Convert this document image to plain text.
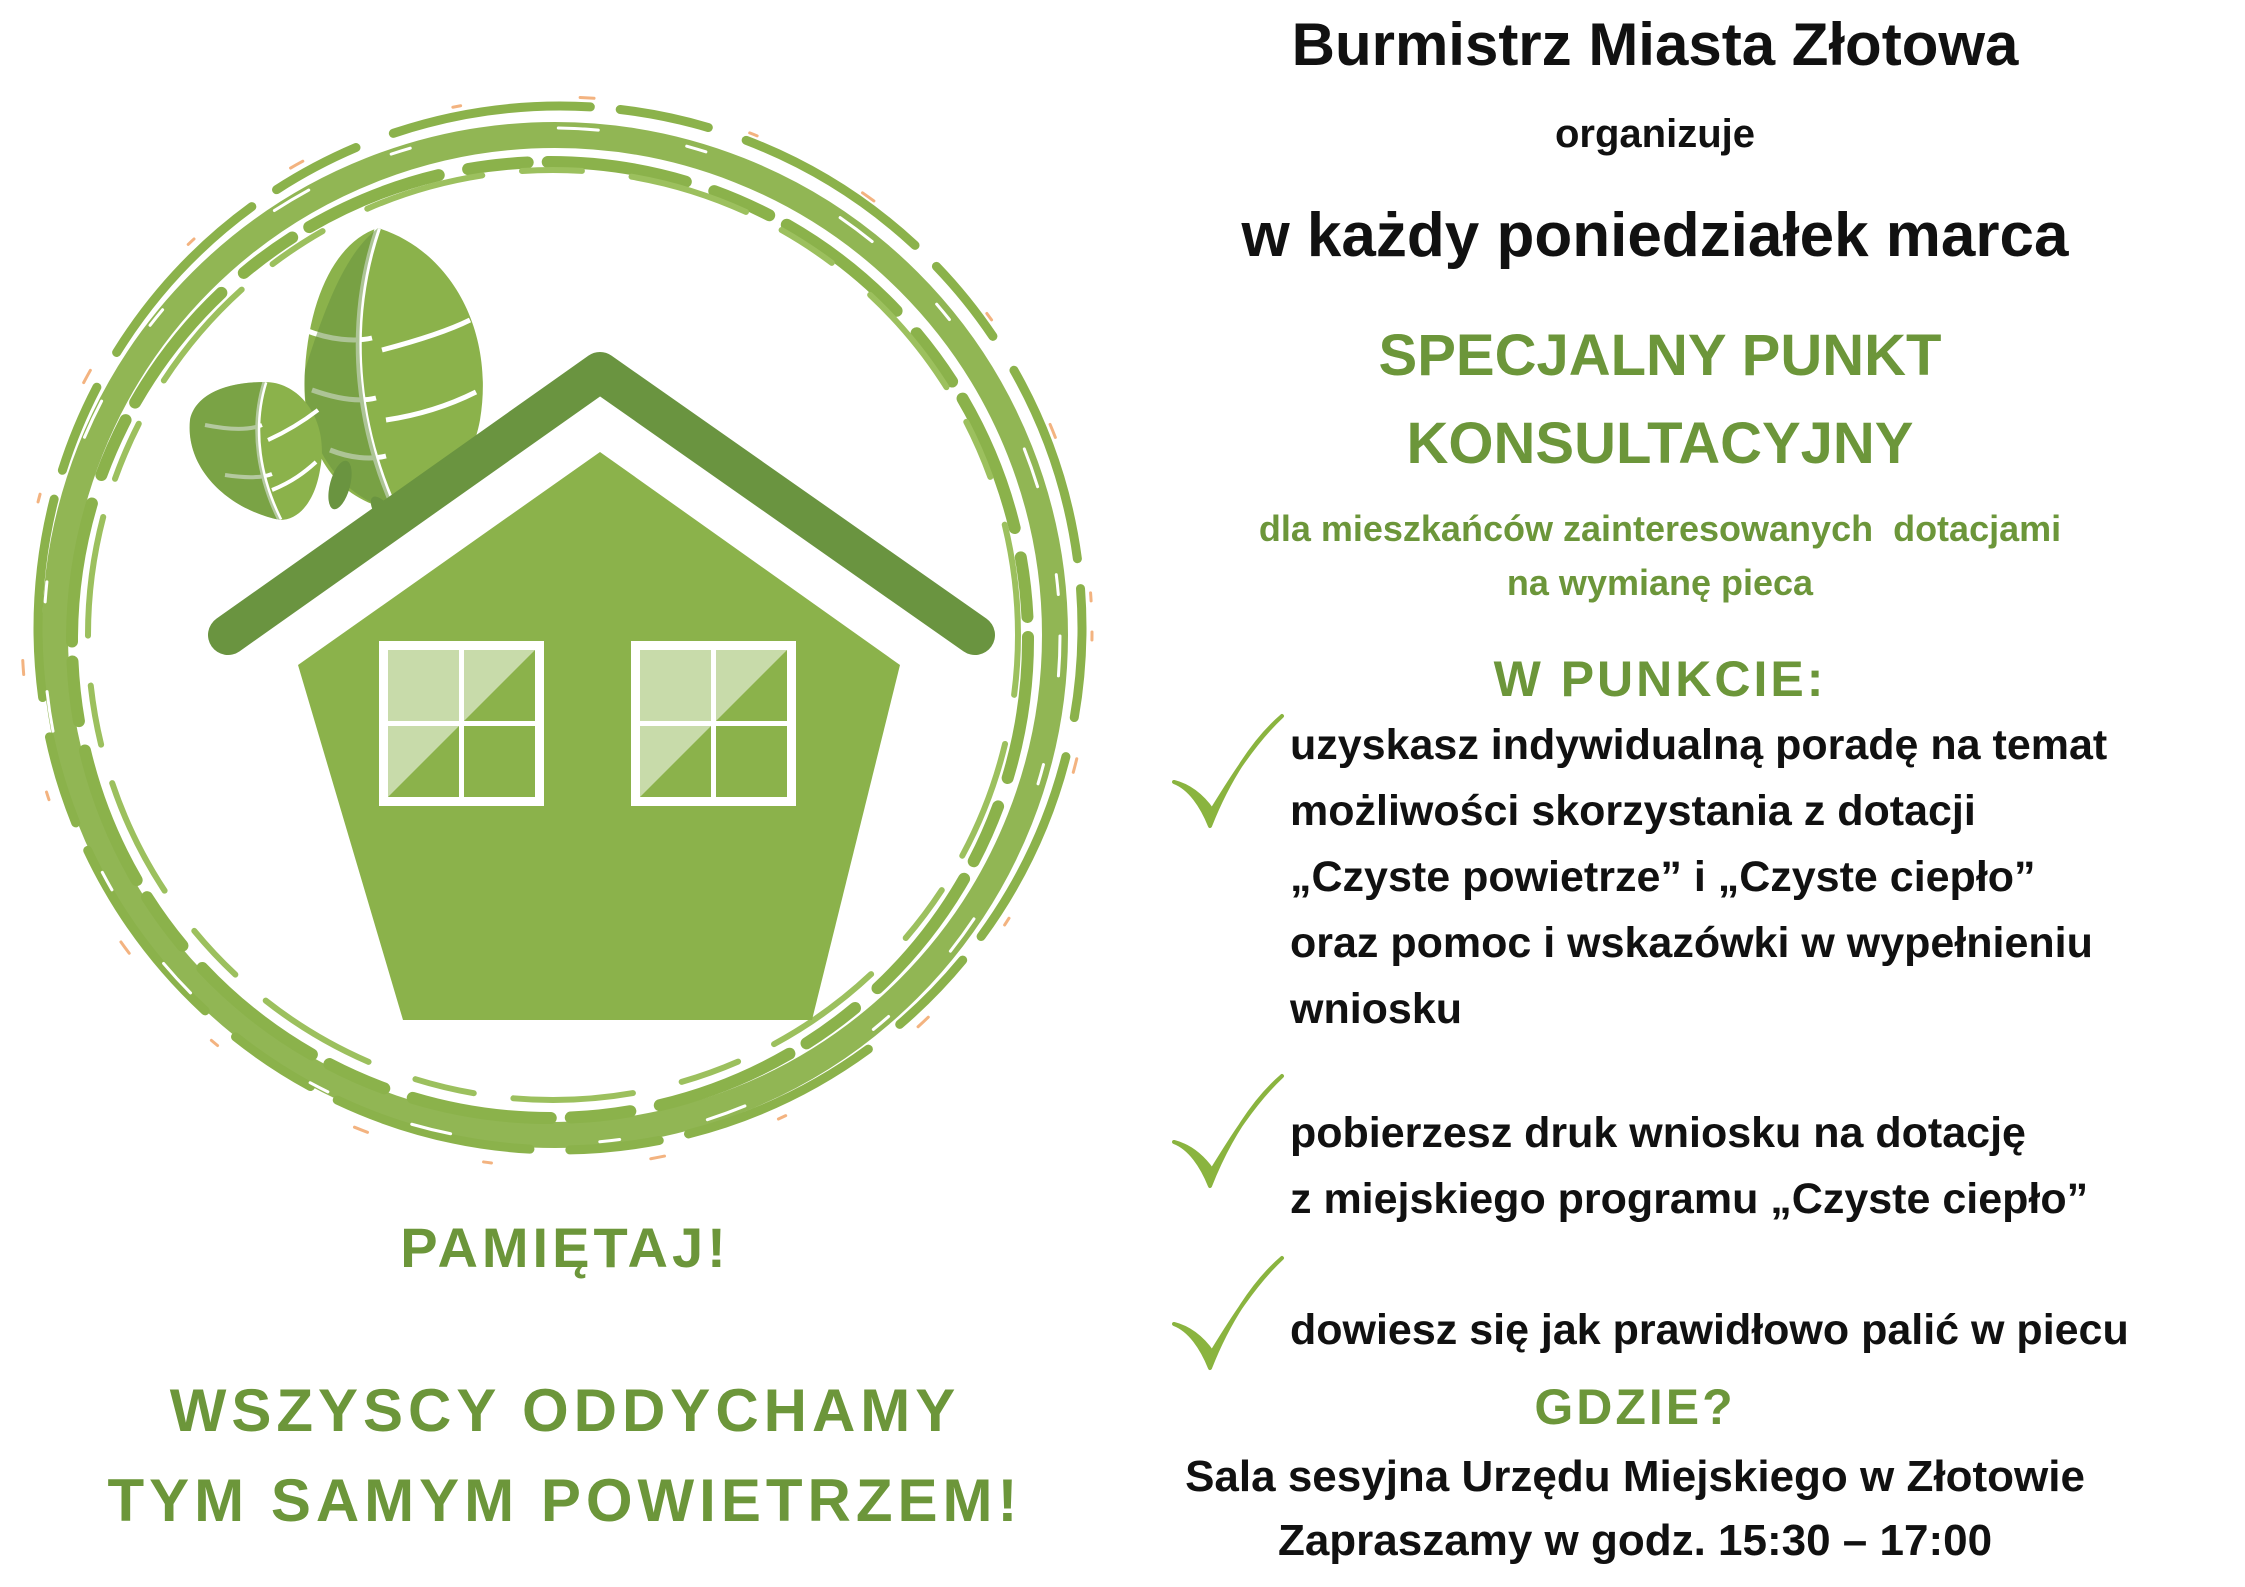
PAMIĘTAJ!
WSZYSCY ODDYCHAMY
TYM SAMYM POWIETRZEM!
Burmistrz Miasta Złotowa
organizuje
w każdy poniedziałek marca
SPECJALNY PUNKT
KONSULTACYJNY
dla mieszkańców zainteresowanych  dotacjami
na wymianę pieca
W PUNKCIE:
uzyskasz indywidualną poradę na temat
możliwości skorzystania z dotacji
„Czyste powietrze” i „Czyste ciepło”
oraz pomoc i wskazówki w wypełnieniu
wniosku
pobierzesz druk wniosku na dotację
z miejskiego programu „Czyste ciepło”
dowiesz się jak prawidłowo palić w piecu
GDZIE?
Sala sesyjna Urzędu Miejskiego w Złotowie
Zapraszamy w godz. 15:30 – 17:00
